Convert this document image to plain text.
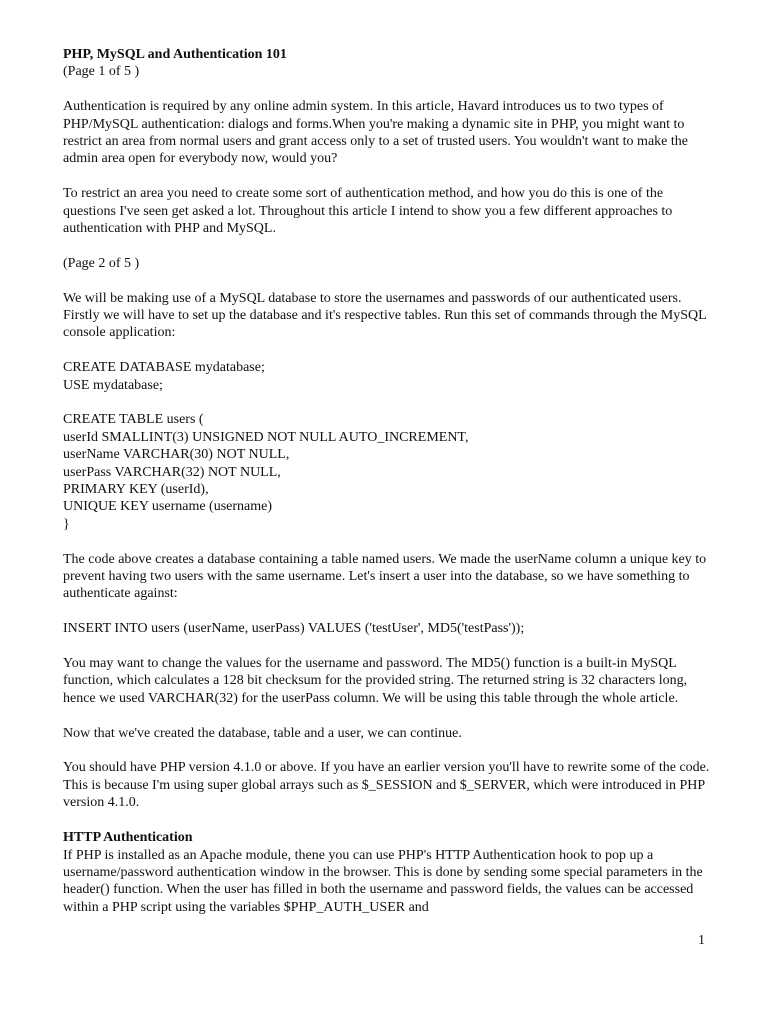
PHP, MySQL and Authentication 101

(Page 1 of 5 )

Authentication is required by any online admin system. In this article, Havard introduces us to two types of PHP/MySQL authentication: dialogs and forms.When you're making a dynamic site in PHP, you might want to restrict an area from normal users and grant access only to a set of trusted users. You wouldn't want to make the admin area open for everybody now, would you?

To restrict an area you need to create some sort of authentication method, and how you do this is one of the questions I've seen get asked a lot. Throughout this article I intend to show you a few different approaches to authentication with PHP and MySQL.

(Page 2 of 5 )

We will be making use of a MySQL database to store the usernames and passwords of our authenticated users. Firstly we will have to set up the database and it's respective tables. Run this set of commands through the MySQL console application:

CREATE DATABASE mydatabase;

USE mydatabase;

CREATE TABLE users (

userId SMALLINT(3) UNSIGNED NOT NULL AUTO_INCREMENT,

userName VARCHAR(30) NOT NULL,

userPass VARCHAR(32) NOT NULL,

PRIMARY KEY (userId),

UNIQUE KEY username (username)

}

The code above creates a database containing a table named users. We made the userName column a unique key to prevent having two users with the same username. Let's insert a user into the database, so we have something to authenticate against:

INSERT INTO users (userName, userPass) VALUES ('testUser', MD5('testPass'));

You may want to change the values for the username and password. The MD5() function is a built-in MySQL function, which calculates a 128 bit checksum for the provided string. The returned string is 32 characters long, hence we used VARCHAR(32) for the userPass column. We will be using this table through the whole article.

Now that we've created the database, table and a user, we can continue.

You should have PHP version 4.1.0 or above. If you have an earlier version you'll have to rewrite some of the code. This is because I'm using super global arrays such as $_SESSION and $_SERVER, which were introduced in PHP version 4.1.0.

HTTP Authentication

If PHP is installed as an Apache module, thene you can use PHP's HTTP Authentication hook to pop up a username/password authentication window in the browser. This is done by sending some special parameters in the header() function. When the user has filled in both the username and password fields, the values can be accessed within a PHP script using the variables $PHP_AUTH_USER and

1
